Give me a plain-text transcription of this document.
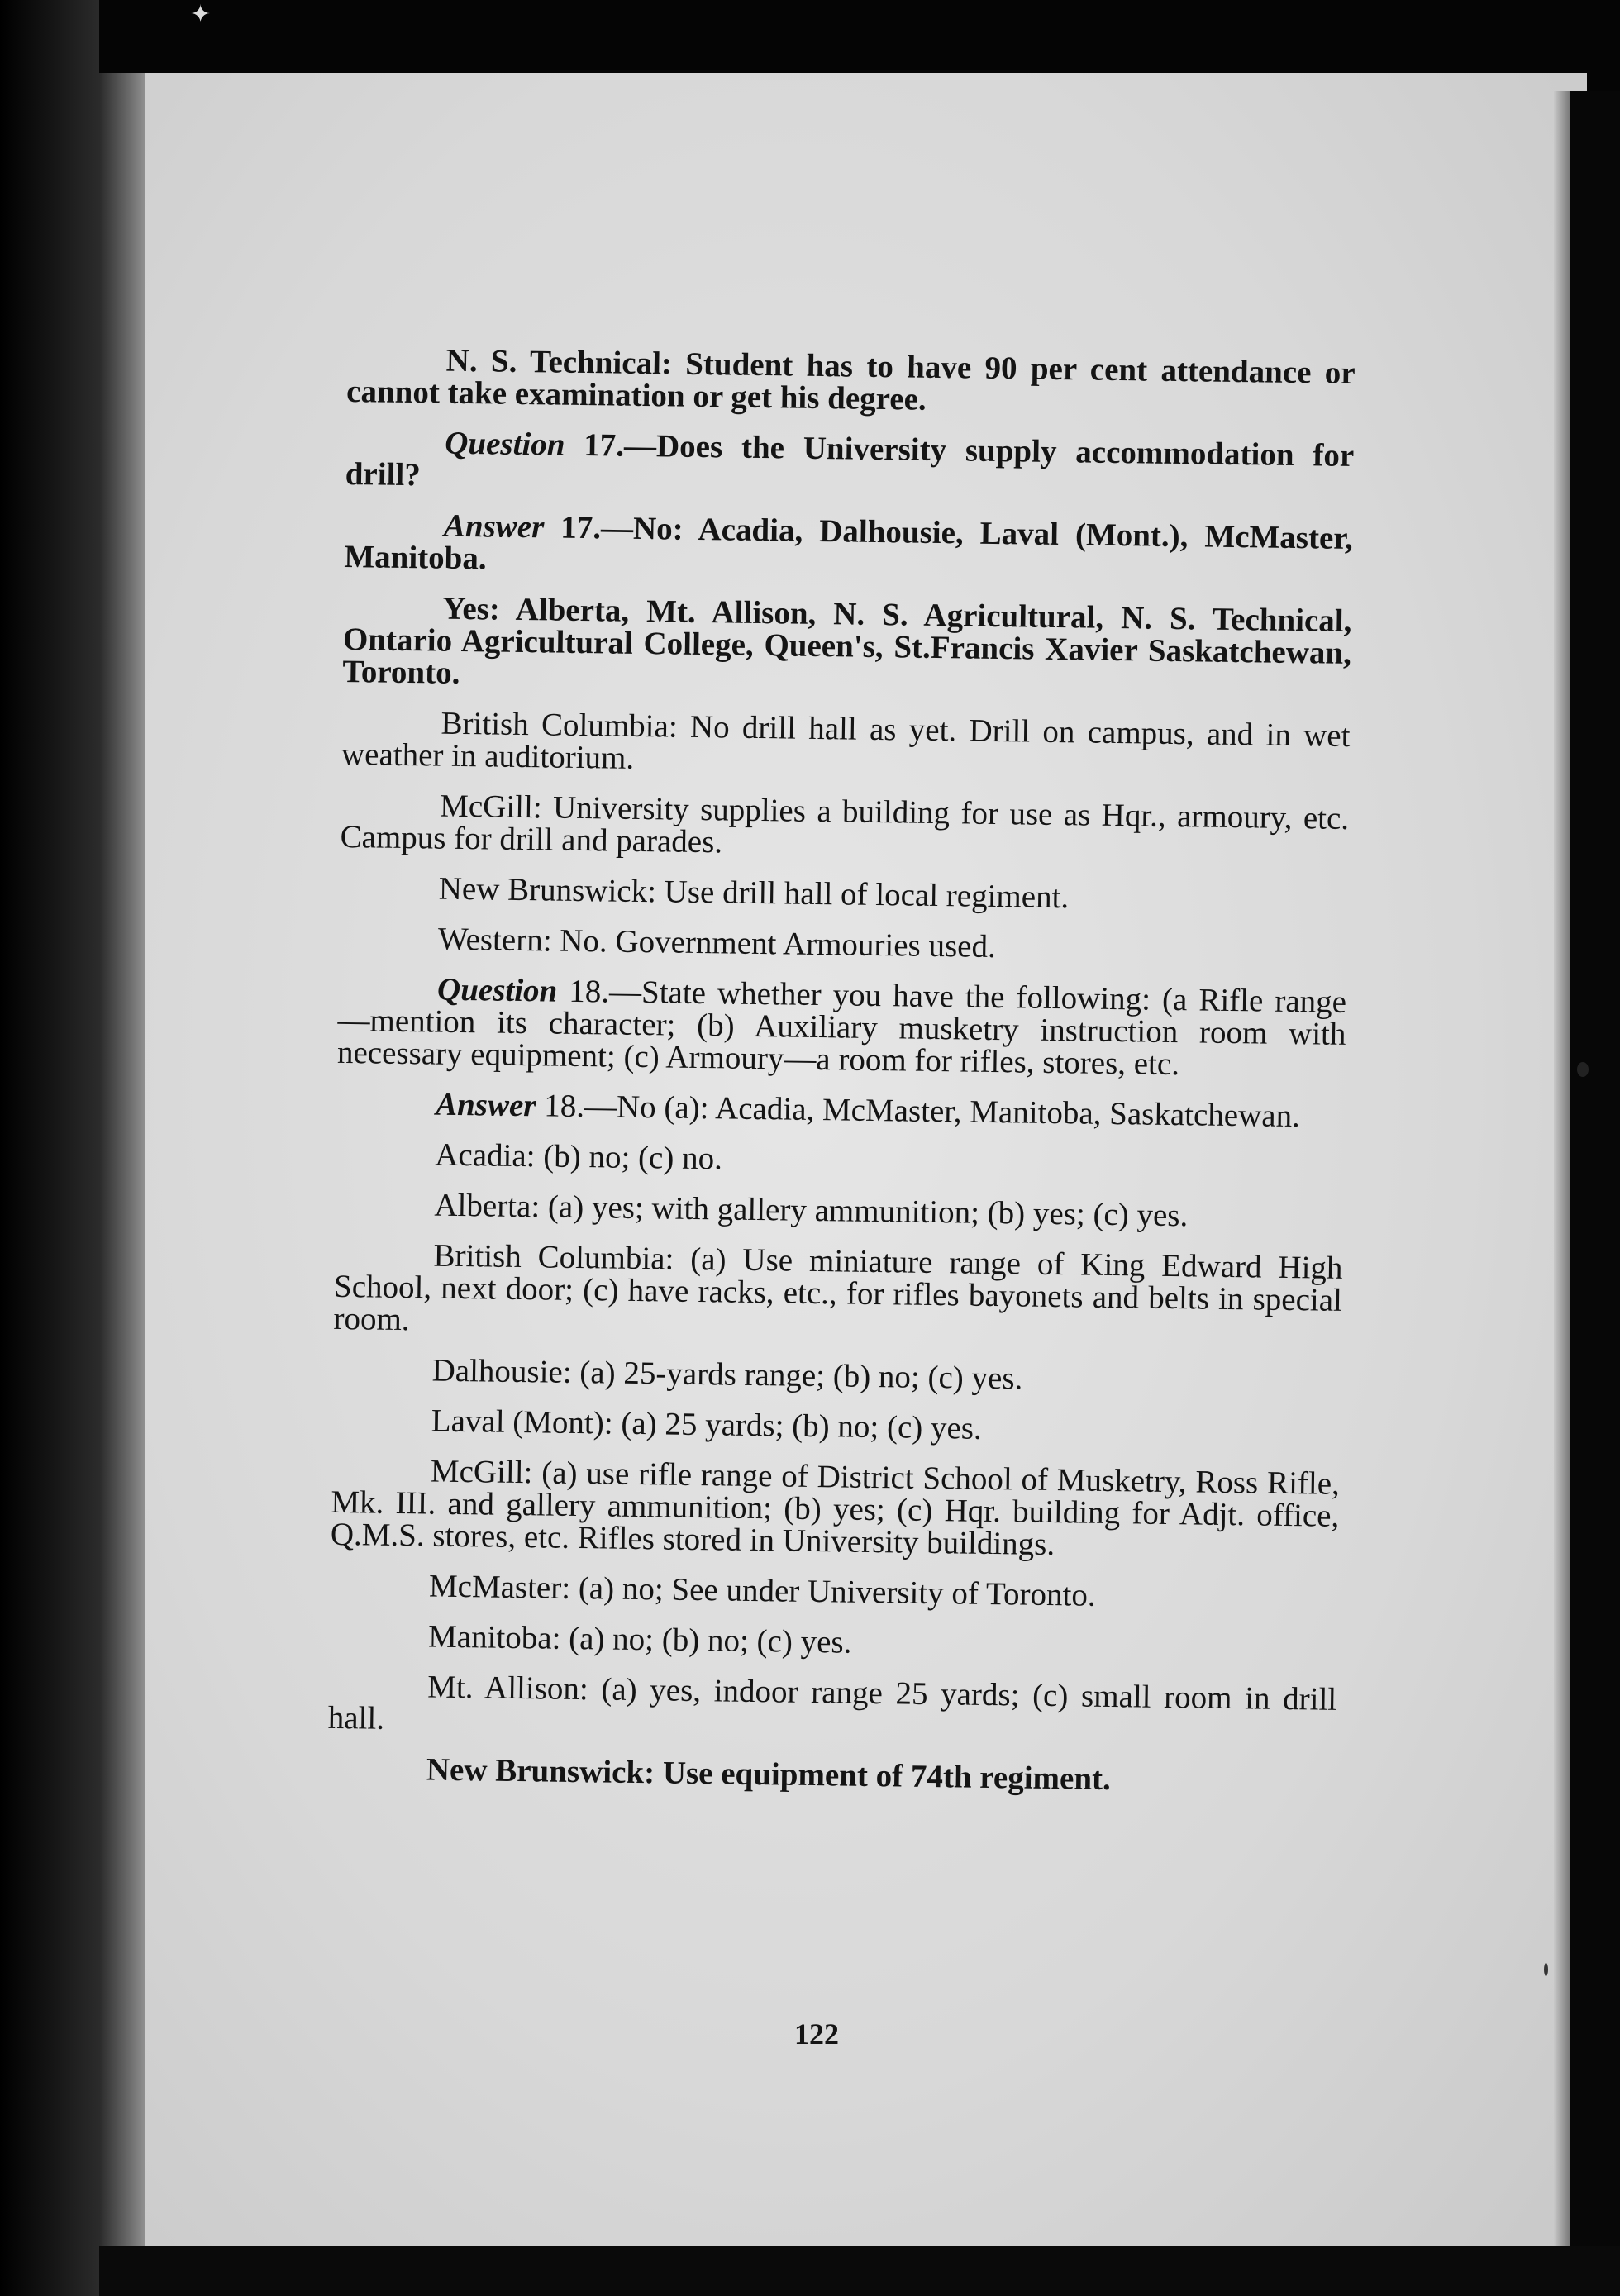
✦

N. S. Technical: Student has to have 90 per cent attendance or cannot take examination or get his degree.

Question 17.—Does the University supply accommodation for drill?

Answer 17.—No: Acadia, Dalhousie, Laval (Mont.), McMaster, Manitoba.

Yes: Alberta, Mt. Allison, N. S. Agricultural, N. S. Technical, Ontario Agricultural College, Queen's, St.Francis Xavier Saskatchewan, Toronto.

British Columbia: No drill hall as yet. Drill on campus, and in wet weather in auditorium.

McGill: University supplies a building for use as Hqr., armoury, etc. Campus for drill and parades.

New Brunswick: Use drill hall of local regiment.

Western: No. Government Armouries used.

Question 18.—State whether you have the following: (a Rifle range—mention its character; (b) Auxiliary musketry instruction room with necessary equipment; (c) Armoury—a room for rifles, stores, etc.

Answer 18.—No (a): Acadia, McMaster, Manitoba, Saskatchewan.

Acadia: (b) no; (c) no.

Alberta: (a) yes; with gallery ammunition; (b) yes; (c) yes.

British Columbia: (a) Use miniature range of King Edward High School, next door; (c) have racks, etc., for rifles bayonets and belts in special room.

Dalhousie: (a) 25-yards range; (b) no; (c) yes.

Laval (Mont): (a) 25 yards; (b) no; (c) yes.

McGill: (a) use rifle range of District School of Musketry, Ross Rifle, Mk. III. and gallery ammunition; (b) yes; (c) Hqr. building for Adjt. office, Q.M.S. stores, etc. Rifles stored in University buildings.

McMaster: (a) no; See under University of Toronto.

Manitoba: (a) no; (b) no; (c) yes.

Mt. Allison: (a) yes, indoor range 25 yards; (c) small room in drill hall.

New Brunswick: Use equipment of 74th regiment.

122
